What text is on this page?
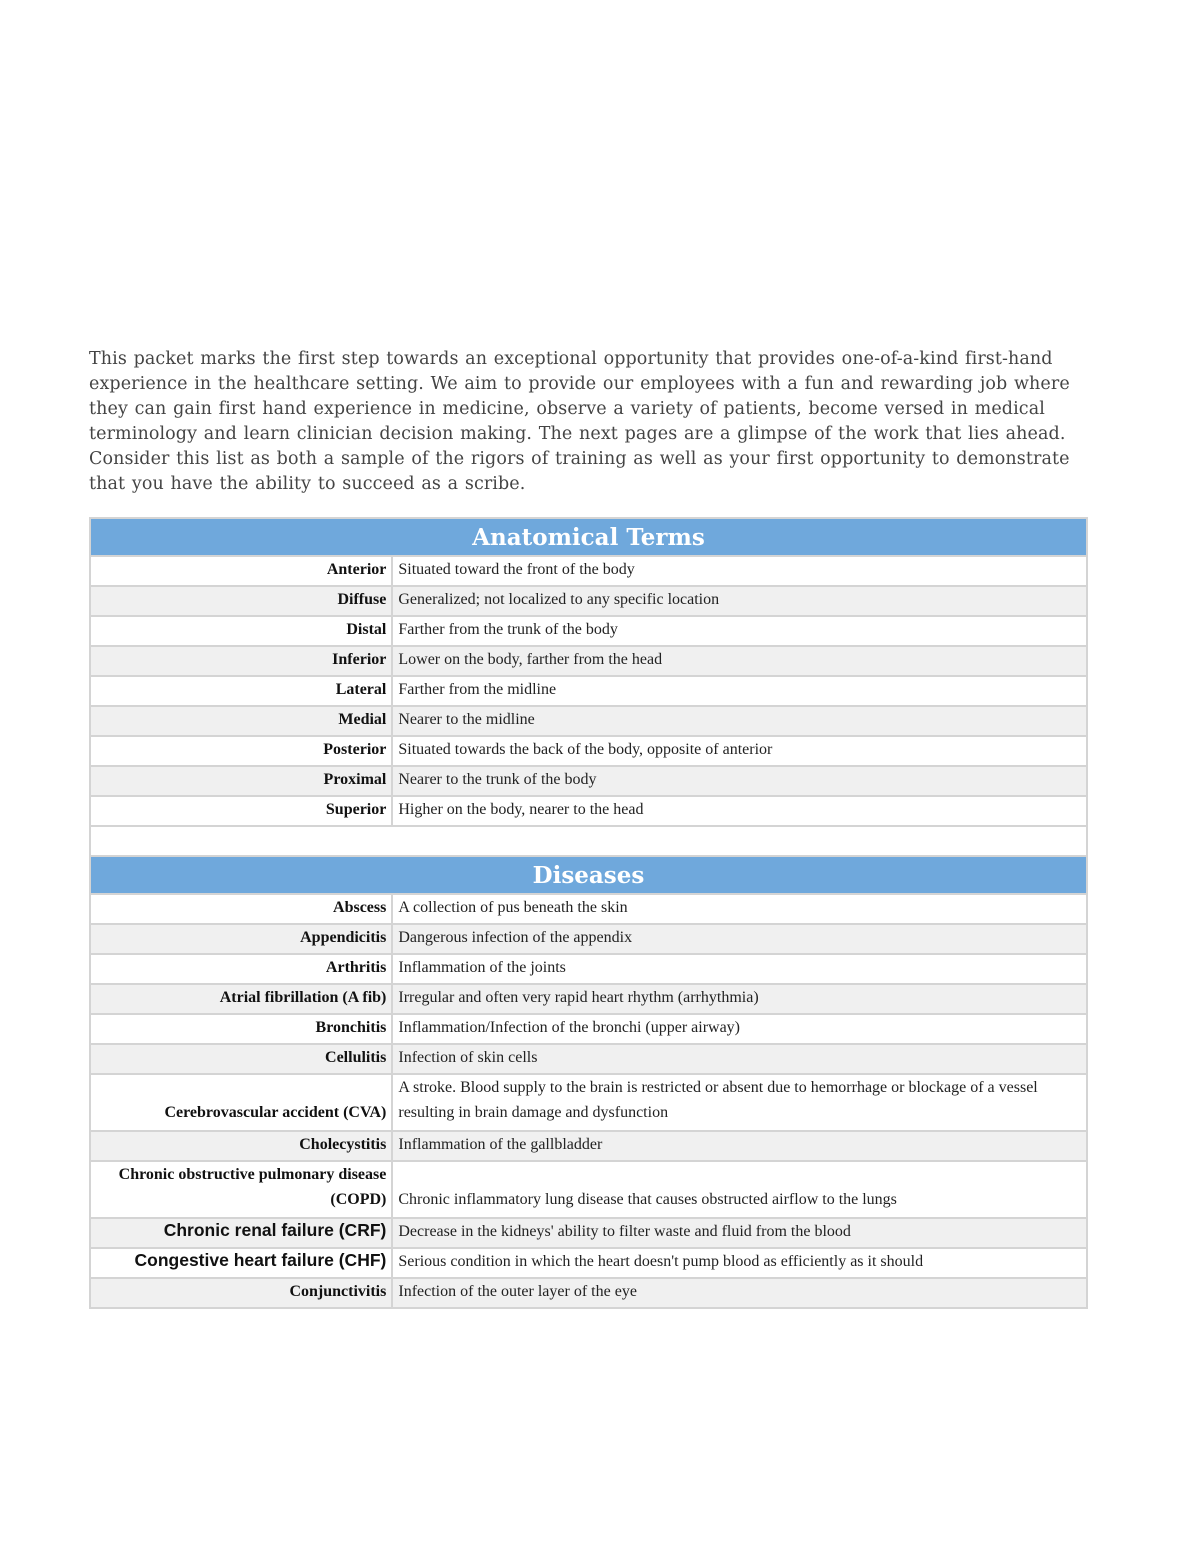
This packet marks the first step towards an exceptional opportunity that provides one-of-a-kind first-hand experience in the healthcare setting. We aim to provide our employees with a fun and rewarding job where they can gain first hand experience in medicine, observe a variety of patients, become versed in medical terminology and learn clinician decision making. The next pages are a glimpse of the work that lies ahead. Consider this list as both a sample of the rigors of training as well as your first opportunity to demonstrate that you have the ability to succeed as a scribe.

Anatomical Terms	
Anterior	Situated toward the front of the body
Diffuse	Generalized; not localized to any specific location
Distal	Farther from the trunk of the body
Inferior	Lower on the body, farther from the head
Lateral	Farther from the midline
Medial	Nearer to the midline
Posterior	Situated towards the back of the body, opposite of anterior
Proximal	Nearer to the trunk of the body
Superior	Higher on the body, nearer to the head

Diseases	
Abscess	A collection of pus beneath the skin
Appendicitis	Dangerous infection of the appendix
Arthritis	Inflammation of the joints
Atrial fibrillation (A fib)	Irregular and often very rapid heart rhythm (arrhythmia)
Bronchitis	Inflammation/Infection of the bronchi (upper airway)
Cellulitis	Infection of skin cells
Cerebrovascular accident (CVA)	A stroke. Blood supply to the brain is restricted or absent due to hemorrhage or blockage of a vessel resulting in brain damage and dysfunction
Cholecystitis	Inflammation of the gallbladder
Chronic obstructive pulmonary disease (COPD)	Chronic inflammatory lung disease that causes obstructed airflow to the lungs
Chronic renal failure (CRF)	Decrease in the kidneys' ability to filter waste and fluid from the blood
Congestive heart failure (CHF)	Serious condition in which the heart doesn't pump blood as efficiently as it should
Conjunctivitis	Infection of the outer layer of the eye
